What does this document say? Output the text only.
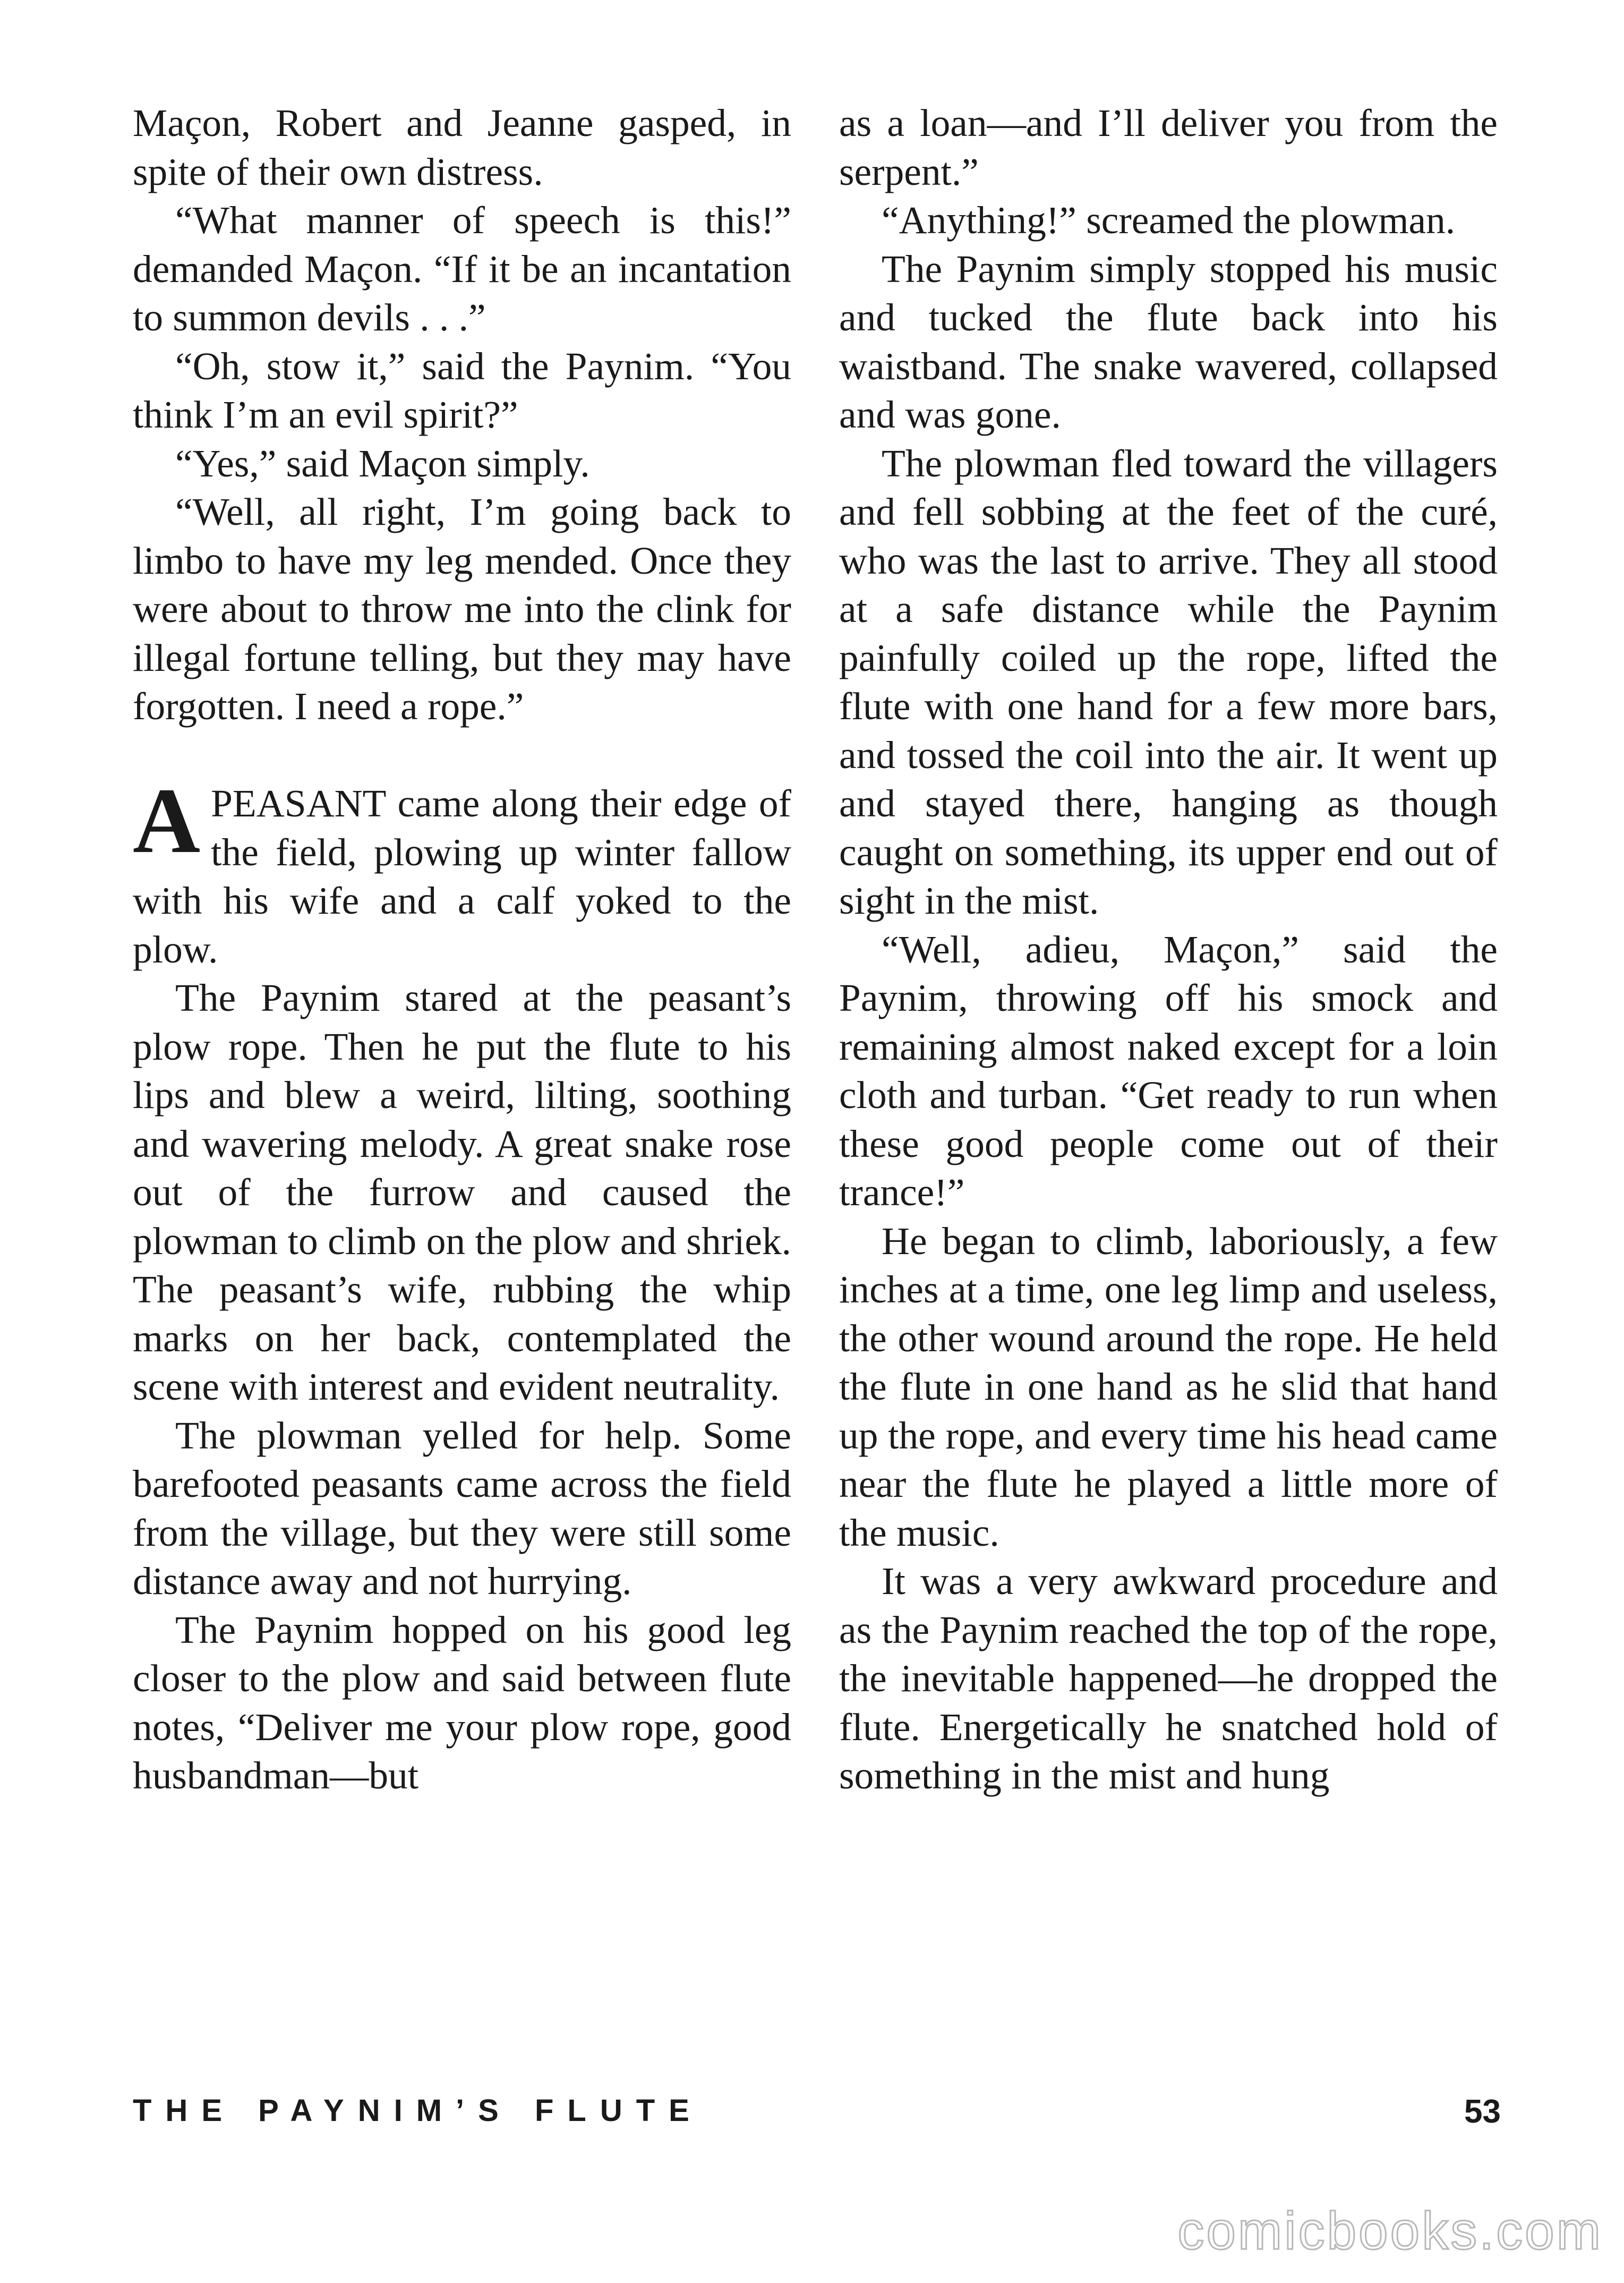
Maçon, Robert and Jeanne gasped, in spite of their own distress.

“What manner of speech is this!” demanded Maçon. “If it be an incantation to summon devils . . .”

“Oh, stow it,” said the Paynim. “You think I’m an evil spirit?”

“Yes,” said Maçon simply.

“Well, all right, I’m going back to limbo to have my leg mended. Once they were about to throw me into the clink for illegal fortune telling, but they may have forgotten. I need a rope.”

APEASANT came along their edge of the field, plowing up winter fallow with his wife and a calf yoked to the plow.

The Paynim stared at the peasant’s plow rope. Then he put the flute to his lips and blew a weird, lilting, soothing and wavering melody. A great snake rose out of the furrow and caused the plowman to climb on the plow and shriek. The peasant’s wife, rubbing the whip marks on her back, contemplated the scene with interest and evident neutrality.

The plowman yelled for help. Some barefooted peasants came across the field from the village, but they were still some distance away and not hurrying.

The Paynim hopped on his good leg closer to the plow and said between flute notes, “Deliver me your plow rope, good husbandman—but

as a loan—and I’ll deliver you from the serpent.”

“Anything!” screamed the plowman.

The Paynim simply stopped his music and tucked the flute back into his waistband. The snake wavered, collapsed and was gone.

The plowman fled toward the villagers and fell sobbing at the feet of the curé, who was the last to arrive. They all stood at a safe distance while the Paynim painfully coiled up the rope, lifted the flute with one hand for a few more bars, and tossed the coil into the air. It went up and stayed there, hanging as though caught on something, its upper end out of sight in the mist.

“Well, adieu, Maçon,” said the Paynim, throwing off his smock and remaining almost naked except for a loin cloth and turban. “Get ready to run when these good people come out of their trance!”

He began to climb, laboriously, a few inches at a time, one leg limp and useless, the other wound around the rope. He held the flute in one hand as he slid that hand up the rope, and every time his head came near the flute he played a little more of the music.

It was a very awkward procedure and as the Paynim reached the top of the rope, the inevitable happened—he dropped the flute. Energetically he snatched hold of something in the mist and hung

THE PAYNIM’S FLUTE	53
comicbooks.com
